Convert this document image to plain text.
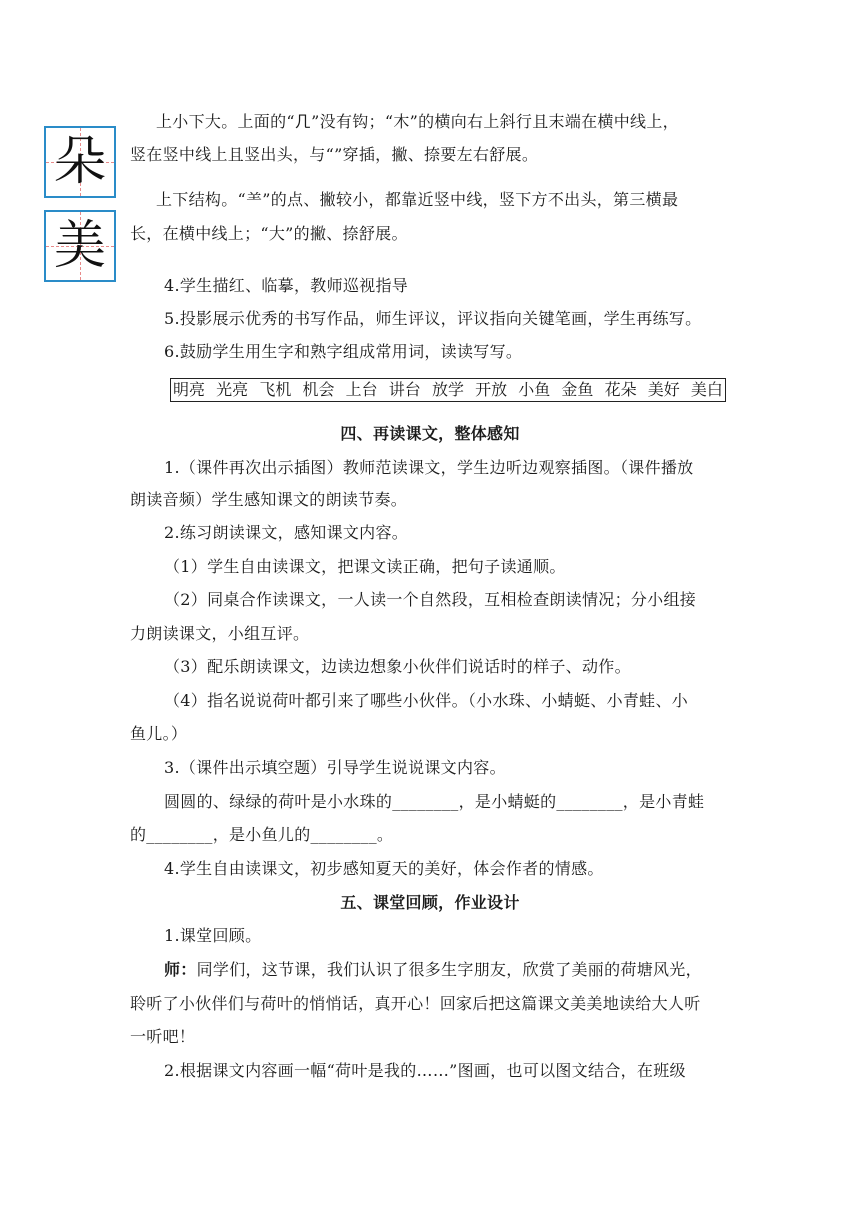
朵
美
上小下大。上面的“𠘧”没有钩；“木”的横向右上斜行且末端在横中线上，
竖在竖中线上且竖出头，与“”穿插，撇、捺要左右舒展。
上下结构。“⺷”的点、撇较小，都靠近竖中线，竖下方不出头，第三横最
长，在横中线上；“大”的撇、捺舒展。
4.学生描红、临摹，教师巡视指导
5.投影展示优秀的书写作品，师生评议，评议指向关键笔画，学生再练写。
6.鼓励学生用生字和熟字组成常用词，读读写写。
明亮 光亮 飞机 机会 上台 讲台 放学 开放 小鱼 金鱼 花朵 美好 美白
四、再读课文，整体感知
1.（课件再次出示插图）教师范读课文，学生边听边观察插图。（课件播放
朗读音频）学生感知课文的朗读节奏。
2.练习朗读课文，感知课文内容。
（1）学生自由读课文，把课文读正确，把句子读通顺。
（2）同桌合作读课文，一人读一个自然段，互相检查朗读情况；分小组接
力朗读课文，小组互评。
（3）配乐朗读课文，边读边想象小伙伴们说话时的样子、动作。
（4）指名说说荷叶都引来了哪些小伙伴。（小水珠、小蜻蜓、小青蛙、小
鱼儿。）
3.（课件出示填空题）引导学生说说课文内容。
圆圆的、绿绿的荷叶是小水珠的________，是小蜻蜓的________，是小青蛙
的________，是小鱼儿的________。
4.学生自由读课文，初步感知夏天的美好，体会作者的情感。
五、课堂回顾，作业设计
1.课堂回顾。
师：同学们，这节课，我们认识了很多生字朋友，欣赏了美丽的荷塘风光，
聆听了小伙伴们与荷叶的悄悄话，真开心！回家后把这篇课文美美地读给大人听
一听吧！
2.根据课文内容画一幅“荷叶是我的……”图画，也可以图文结合，在班级
